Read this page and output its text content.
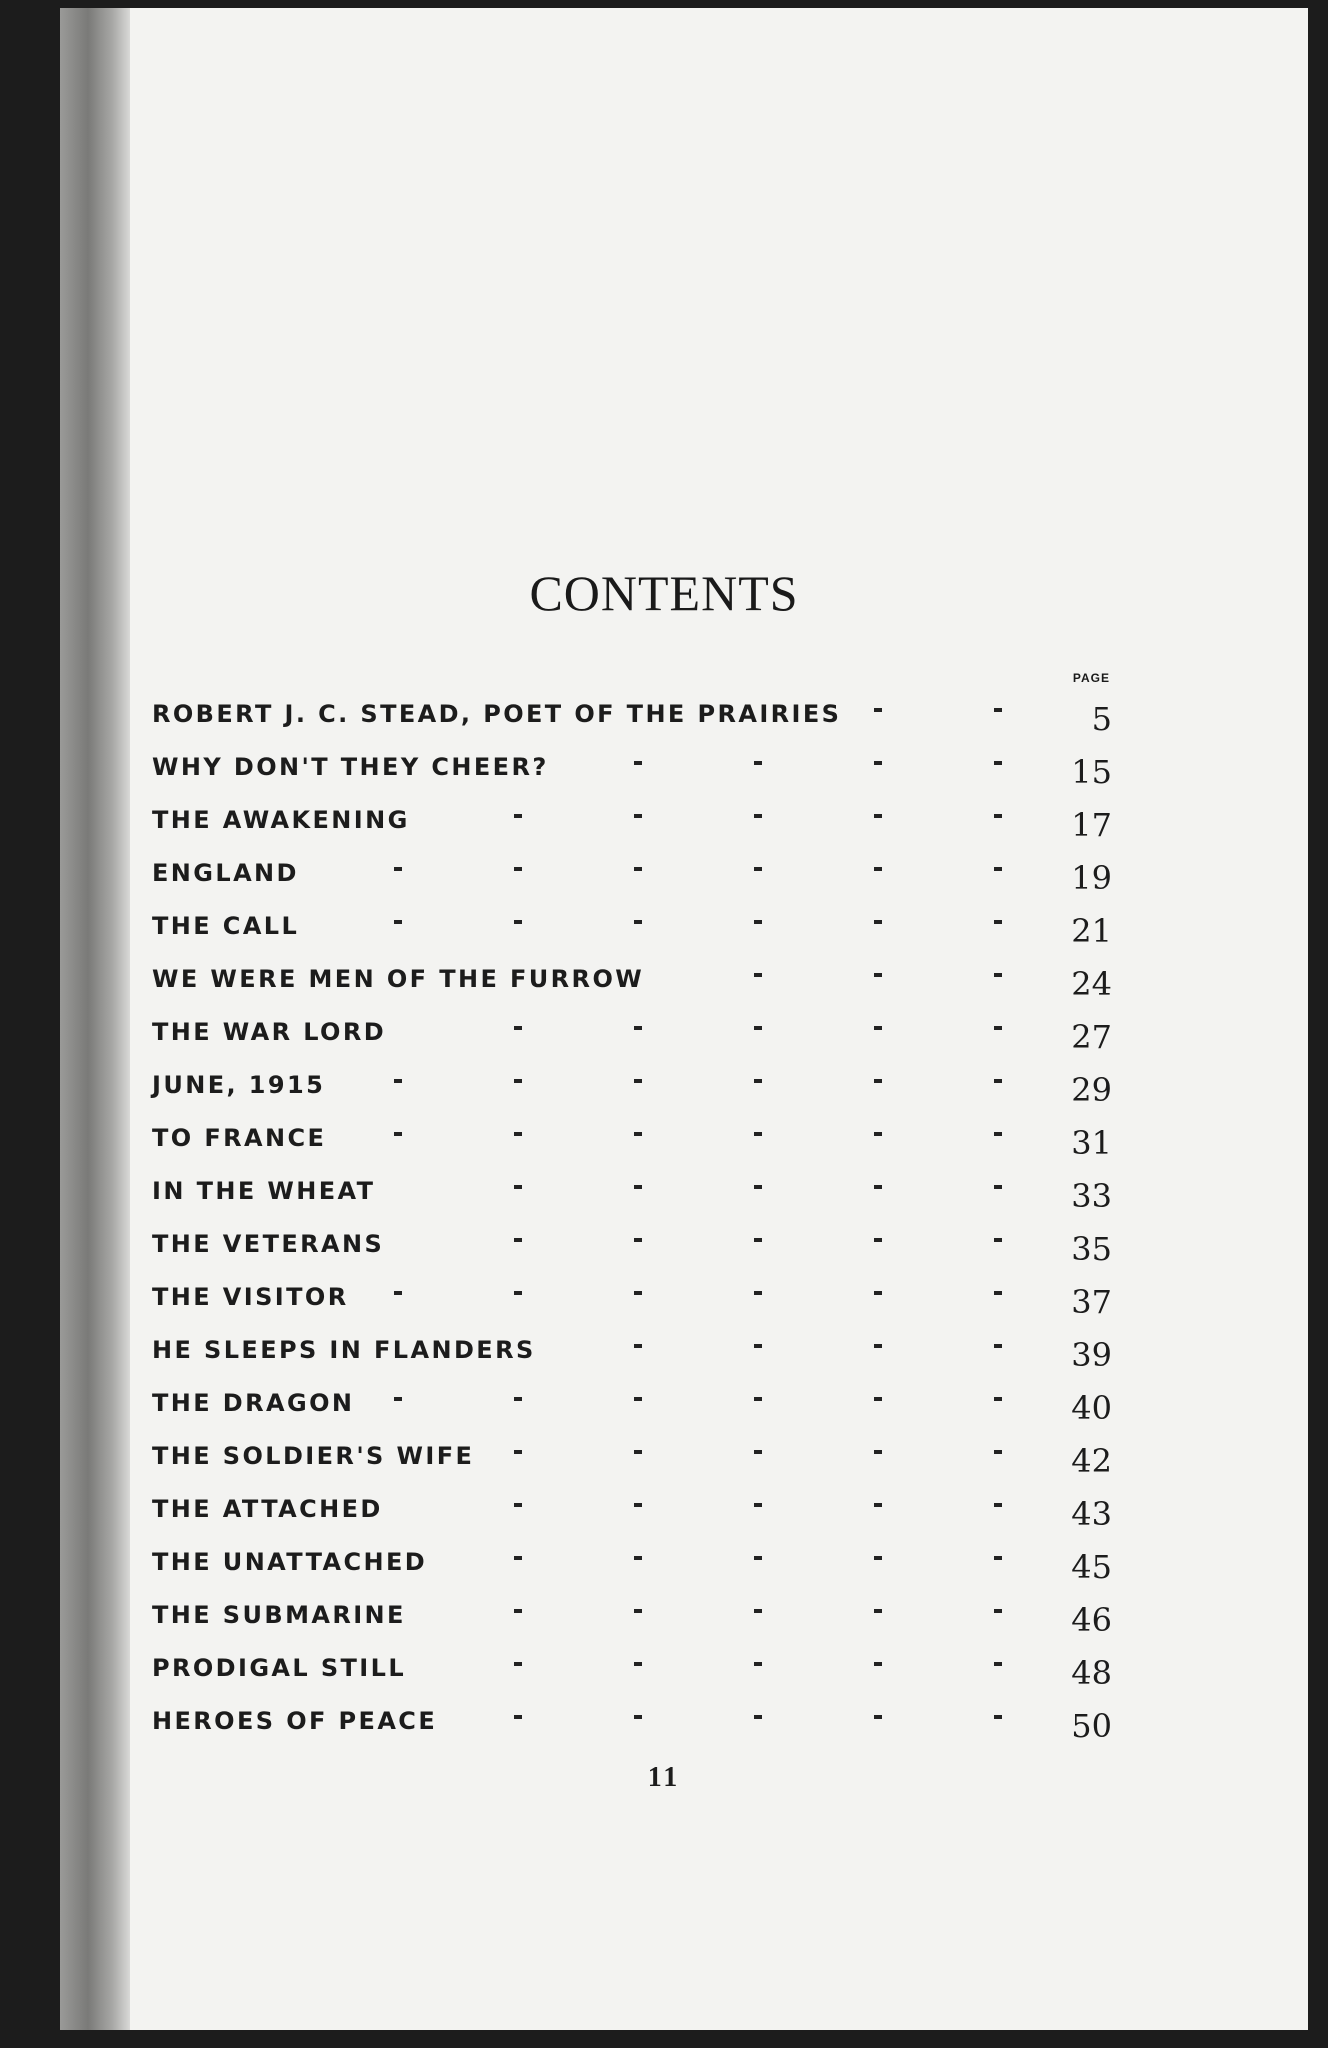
CONTENTS
PAGE
ROBERT J. C. STEAD, POET OF THE PRAIRIES	5
WHY DON'T THEY CHEER?	15
THE AWAKENING	17
ENGLAND	19
THE CALL	21
WE WERE MEN OF THE FURROW	24
THE WAR LORD	27
JUNE, 1915	29
TO FRANCE	31
IN THE WHEAT	33
THE VETERANS	35
THE VISITOR	37
HE SLEEPS IN FLANDERS	39
THE DRAGON	40
THE SOLDIER'S WIFE	42
THE ATTACHED	43
THE UNATTACHED	45
THE SUBMARINE	46
PRODIGAL STILL	48
HEROES OF PEACE	50
11
